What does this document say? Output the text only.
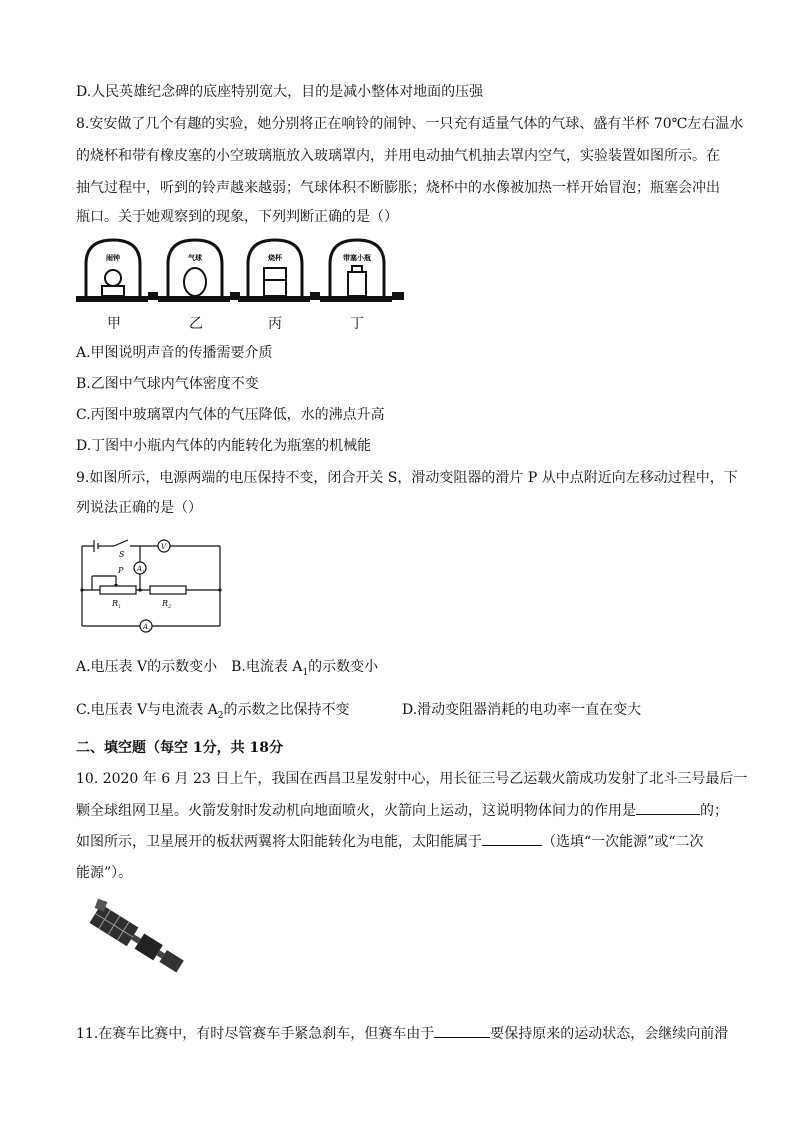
D.人民英雄纪念碑的底座特别宽大，目的是减小整体对地面的压强
8.安安做了几个有趣的实验，她分别将正在响铃的闹钟、一只充有适量气体的气球、盛有半杯 70℃左右温水
的烧杯和带有橡皮塞的小空玻璃瓶放入玻璃罩内，并用电动抽气机抽去罩内空气，实验装置如图所示。在
抽气过程中，听到的铃声越来越弱；气球体积不断膨胀；烧杯中的水像被加热一样开始冒泡；瓶塞会冲出
瓶口。关于她观察到的现象，下列判断正确的是（）
闹钟	气球	烧杯	带塞小瓶
甲	乙	丙	丁
A.甲图说明声音的传播需要介质
B.乙图中气球内气体密度不变
C.丙图中玻璃罩内气体的气压降低，水的沸点升高
D.丁图中小瓶内气体的内能转化为瓶塞的机械能
9.如图所示，电源两端的电压保持不变，闭合开关 S，滑动变阻器的滑片 P 从中点附近向左移动过程中，下
列说法正确的是（）
S
P
V
A 1
A 2
R 1	R 2
A.电压表 V的示数变小 B.电流表 $A_1$的示数变小
C.电压表 V与电流表 $A_2$的示数之比保持不变	D.滑动变阻器消耗的电功率一直在变大
二、填空题（每空 1分，共 18分
10. 2020 年 6 月 23 日上午，我国在西昌卫星发射中心，用长征三号乙运载火箭成功发射了北斗三号最后一
颗全球组网卫星。火箭发射时发动机向地面喷火，火箭向上运动，这说明物体间力的作用是	的；
如图所示，卫星展开的板状两翼将太阳能转化为电能，太阳能属于	（选填“一次能源”或“二次
能源”）。
11.在赛车比赛中，有时尽管赛车手紧急刹车，但赛车由于	要保持原来的运动状态，会继续向前滑
